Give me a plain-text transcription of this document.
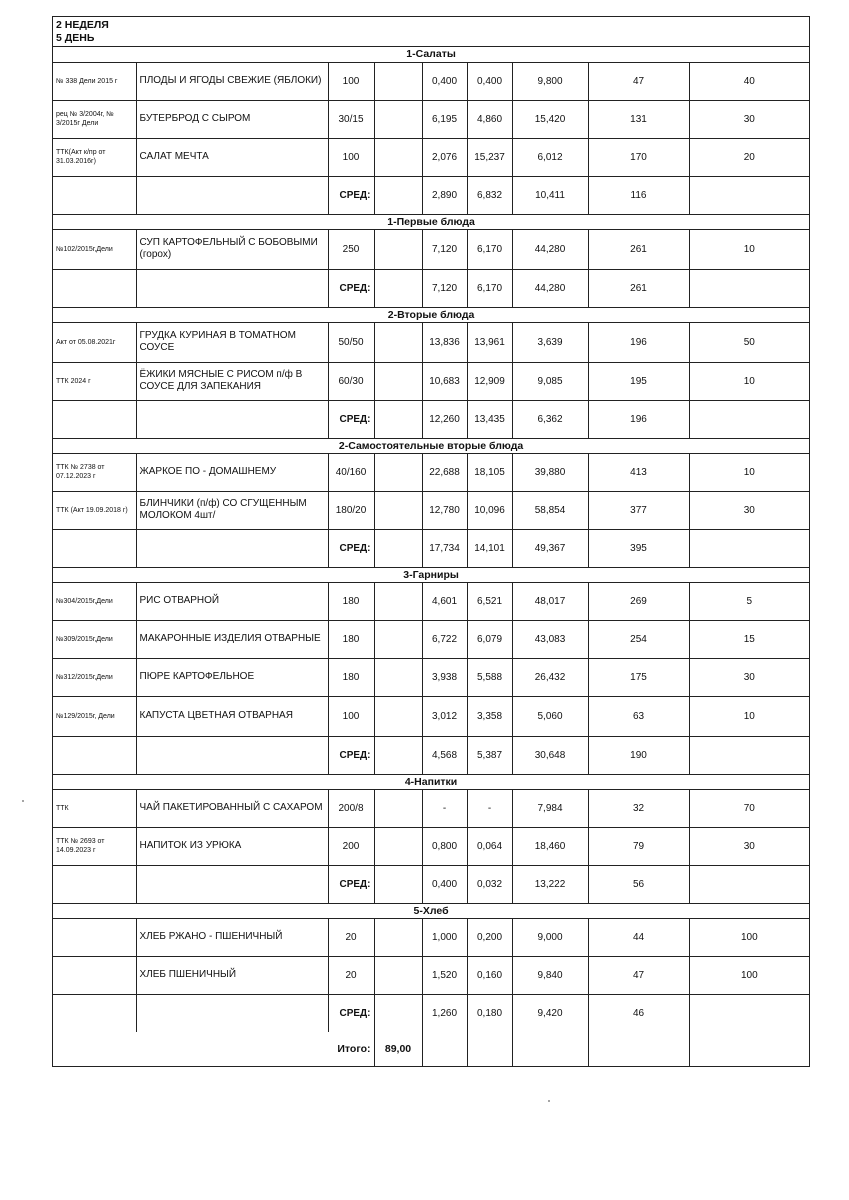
2 НЕДЕЛЯ
5 ДЕНЬ
1-Салаты								
№ 338 Дели 2015 г	ПЛОДЫ И ЯГОДЫ СВЕЖИЕ (ЯБЛОКИ)	100		0,400	0,400	9,800	47	40
рец № 3/2004г, № 3/2015г Дели	БУТЕРБРОД С СЫРОМ	30/15		6,195	4,860	15,420	131	30
ТТК(Акт к/пр от 31.03.2016г)	САЛАТ МЕЧТА	100		2,076	15,237	6,012	170	20
		СРЕД:		2,890	6,832	10,411	116	
1-Первые блюда								
№102/2015г,Дели	СУП КАРТОФЕЛЬНЫЙ С БОБОВЫМИ (горох)	250		7,120	6,170	44,280	261	10
		СРЕД:		7,120	6,170	44,280	261	
2-Вторые блюда								
Акт от 05.08.2021г	ГРУДКА КУРИНАЯ В ТОМАТНОМ СОУСЕ	50/50		13,836	13,961	3,639	196	50
ТТК 2024 г	ЁЖИКИ МЯСНЫЕ С РИСОМ п/ф В СОУСЕ ДЛЯ ЗАПЕКАНИЯ	60/30		10,683	12,909	9,085	195	10
		СРЕД:		12,260	13,435	6,362	196	
2-Самостоятельные вторые блюда								
ТТК № 2738 от 07.12.2023 г	ЖАРКОЕ ПО - ДОМАШНЕМУ	40/160		22,688	18,105	39,880	413	10
ТТК (Акт 19.09.2018 г)	БЛИНЧИКИ (п/ф) СО СГУЩЕННЫМ МОЛОКОМ 4шт/	180/20		12,780	10,096	58,854	377	30
		СРЕД:		17,734	14,101	49,367	395	
3-Гарниры								
№304/2015г,Дели	РИС ОТВАРНОЙ	180		4,601	6,521	48,017	269	5
№309/2015г,Дели	МАКАРОННЫЕ ИЗДЕЛИЯ ОТВАРНЫЕ	180		6,722	6,079	43,083	254	15
№312/2015г,Дели	ПЮРЕ КАРТОФЕЛЬНОЕ	180		3,938	5,588	26,432	175	30
№129/2015г, Дели	КАПУСТА ЦВЕТНАЯ ОТВАРНАЯ	100		3,012	3,358	5,060	63	10
		СРЕД:		4,568	5,387	30,648	190	
4-Напитки								
ТТК	ЧАЙ ПАКЕТИРОВАННЫЙ С САХАРОМ	200/8		-	-	7,984	32	70
ТТК № 2693 от 14.09.2023 г	НАПИТОК ИЗ УРЮКА	200		0,800	0,064	18,460	79	30
		СРЕД:		0,400	0,032	13,222	56	
5-Хлеб								
	ХЛЕБ РЖАНО - ПШЕНИЧНЫЙ	20		1,000	0,200	9,000	44	100
	ХЛЕБ ПШЕНИЧНЫЙ	20		1,520	0,160	9,840	47	100
		СРЕД:		1,260	0,180	9,420	46	
Итого:			89,00					
